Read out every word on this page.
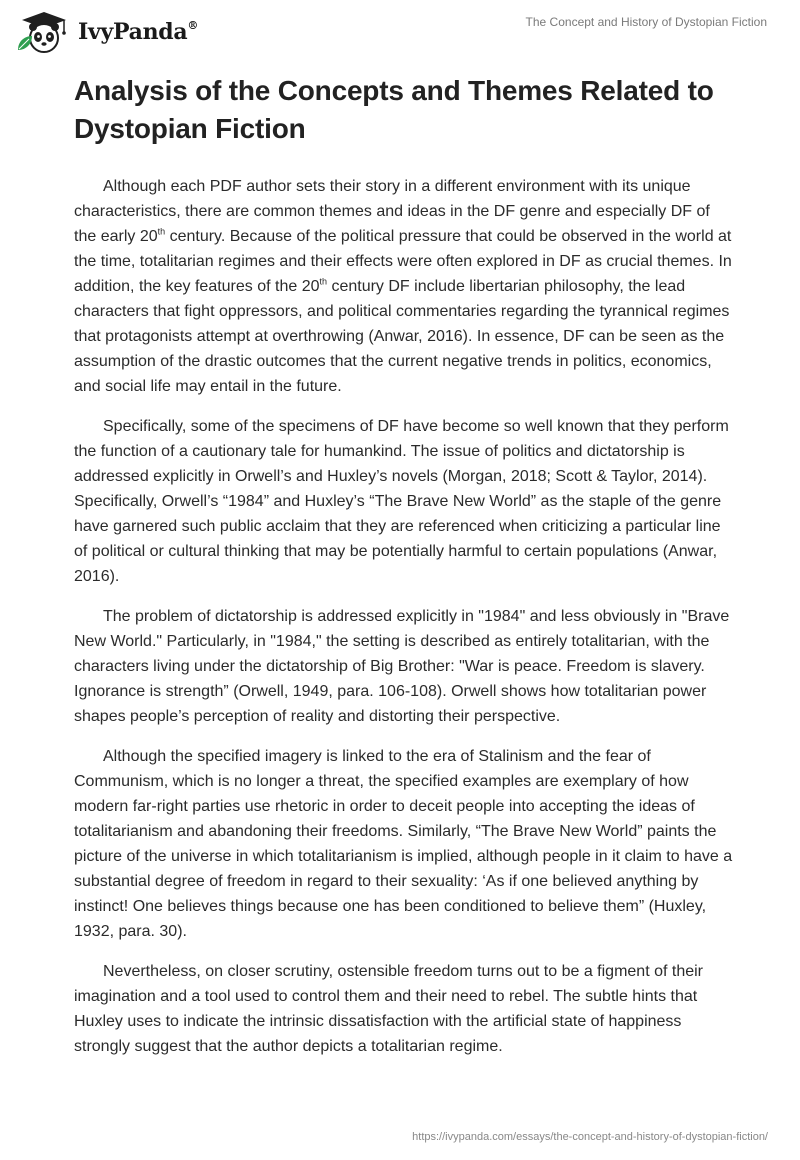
IvyPanda®	The Concept and History of Dystopian Fiction
Analysis of the Concepts and Themes Related to Dystopian Fiction

Although each PDF author sets their story in a different environment with its unique characteristics, there are common themes and ideas in the DF genre and especially DF of the early 20th century. Because of the political pressure that could be observed in the world at the time, totalitarian regimes and their effects were often explored in DF as crucial themes. In addition, the key features of the 20th century DF include libertarian philosophy, the lead characters that fight oppressors, and political commentaries regarding the tyrannical regimes that protagonists attempt at overthrowing (Anwar, 2016). In essence, DF can be seen as the assumption of the drastic outcomes that the current negative trends in politics, economics, and social life may entail in the future.

Specifically, some of the specimens of DF have become so well known that they perform the function of a cautionary tale for humankind. The issue of politics and dictatorship is addressed explicitly in Orwell’s and Huxley’s novels (Morgan, 2018; Scott & Taylor, 2014). Specifically, Orwell’s “1984” and Huxley’s “The Brave New World” as the staple of the genre have garnered such public acclaim that they are referenced when criticizing a particular line of political or cultural thinking that may be potentially harmful to certain populations (Anwar, 2016).

The problem of dictatorship is addressed explicitly in "1984" and less obviously in "Brave New World." Particularly, in "1984," the setting is described as entirely totalitarian, with the characters living under the dictatorship of Big Brother: "War is peace. Freedom is slavery. Ignorance is strength” (Orwell, 1949, para. 106-108). Orwell shows how totalitarian power shapes people’s perception of reality and distorting their perspective.

Although the specified imagery is linked to the era of Stalinism and the fear of Communism, which is no longer a threat, the specified examples are exemplary of how modern far-right parties use rhetoric in order to deceit people into accepting the ideas of totalitarianism and abandoning their freedoms. Similarly, “The Brave New World” paints the picture of the universe in which totalitarianism is implied, although people in it claim to have a substantial degree of freedom in regard to their sexuality: ‘As if one believed anything by instinct! One believes things because one has been conditioned to believe them” (Huxley, 1932, para. 30).

Nevertheless, on closer scrutiny, ostensible freedom turns out to be a figment of their imagination and a tool used to control them and their need to rebel. The subtle hints that Huxley uses to indicate the intrinsic dissatisfaction with the artificial state of happiness strongly suggest that the author depicts a totalitarian regime.

https://ivypanda.com/essays/the-concept-and-history-of-dystopian-fiction/
